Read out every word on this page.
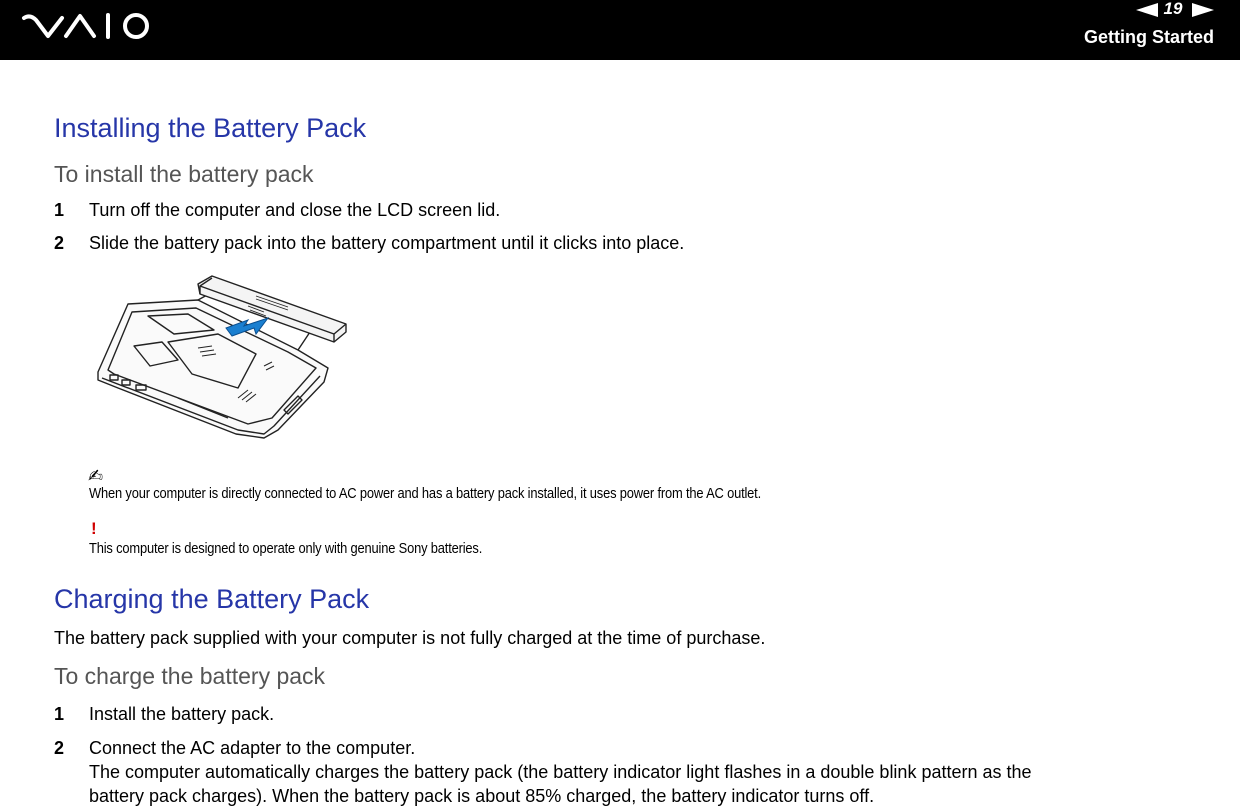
19
Getting Started
Installing the Battery Pack
To install the battery pack
1	Turn off the computer and close the LCD screen lid.
2	Slide the battery pack into the battery compartment until it clicks into place.
✍
When your computer is directly connected to AC power and has a battery pack installed, it uses power from the AC outlet.
!
This computer is designed to operate only with genuine Sony batteries.
Charging the Battery Pack
The battery pack supplied with your computer is not fully charged at the time of purchase.
To charge the battery pack
1	Install the battery pack.
2	Connect the AC adapter to the computer.
The computer automatically charges the battery pack (the battery indicator light flashes in a double blink pattern as the
battery pack charges). When the battery pack is about 85% charged, the battery indicator turns off.
